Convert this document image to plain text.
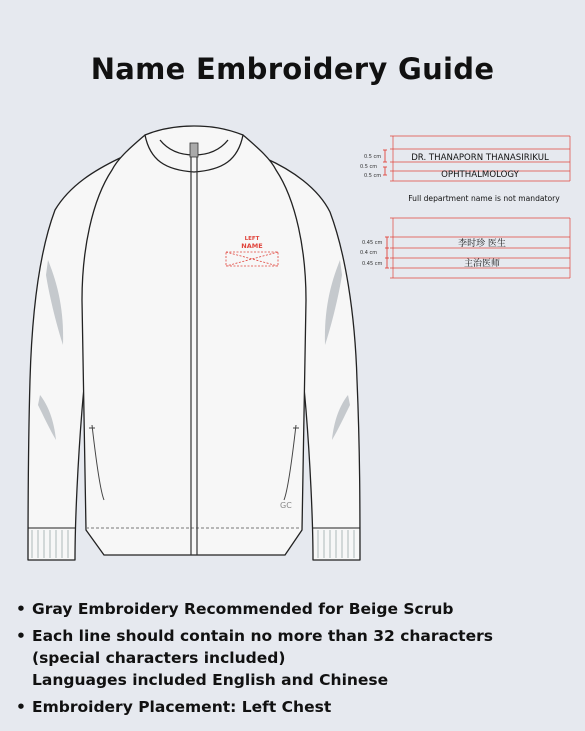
Name Embroidery Guide
LEFT
NAME
GC
0.5 cm
0.5 cm
0.5 cm
DR. THANAPORN THANASIRIKUL
OPHTHALMOLOGY
Full department name is not mandatory
0.45 cm
0.4 cm
0.45 cm
李时珍 医生
主治医师
• Gray Embroidery Recommended for Beige Scrub
• Each line should contain no more than 32 characters
(special characters included)
Languages included English and Chinese
• Embroidery Placement: Left Chest
